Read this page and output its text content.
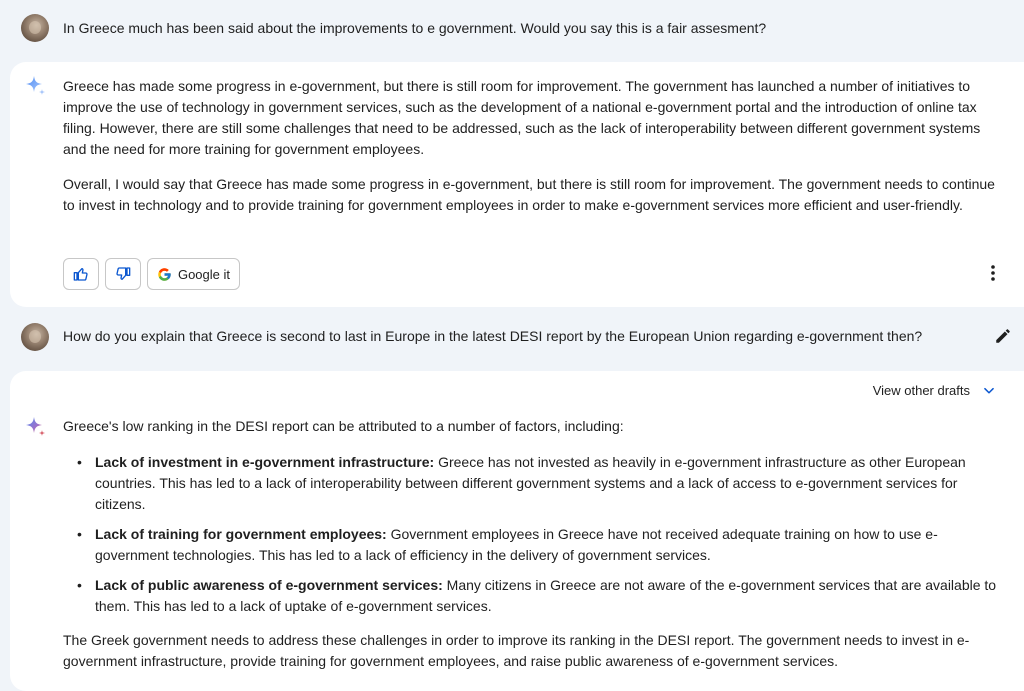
In Greece much has been said about the improvements to e government. Would you say this is a fair assesment?

Greece has made some progress in e-government, but there is still room for improvement. The government has launched a number of initiatives to improve the use of technology in government services, such as the development of a national e-government portal and the introduction of online tax filing. However, there are still some challenges that need to be addressed, such as the lack of interoperability between different government systems and the need for more training for government employees.

Overall, I would say that Greece has made some progress in e-government, but there is still room for improvement. The government needs to continue to invest in technology and to provide training for government employees in order to make e-government services more efficient and user-friendly.

Google it
How do you explain that Greece is second to last in Europe in the latest DESI report by the European Union regarding e-government then?
View other drafts

Greece's low ranking in the DESI report can be attributed to a number of factors, including:

• Lack of investment in e-government infrastructure: Greece has not invested as heavily in e-government infrastructure as other European countries. This has led to a lack of interoperability between different government systems and a lack of access to e-government services for citizens.
• Lack of training for government employees: Government employees in Greece have not received adequate training on how to use e-government technologies. This has led to a lack of efficiency in the delivery of government services.
• Lack of public awareness of e-government services: Many citizens in Greece are not aware of the e-government services that are available to them. This has led to a lack of uptake of e-government services.

The Greek government needs to address these challenges in order to improve its ranking in the DESI report. The government needs to invest in e-government infrastructure, provide training for government employees, and raise public awareness of e-government services.
